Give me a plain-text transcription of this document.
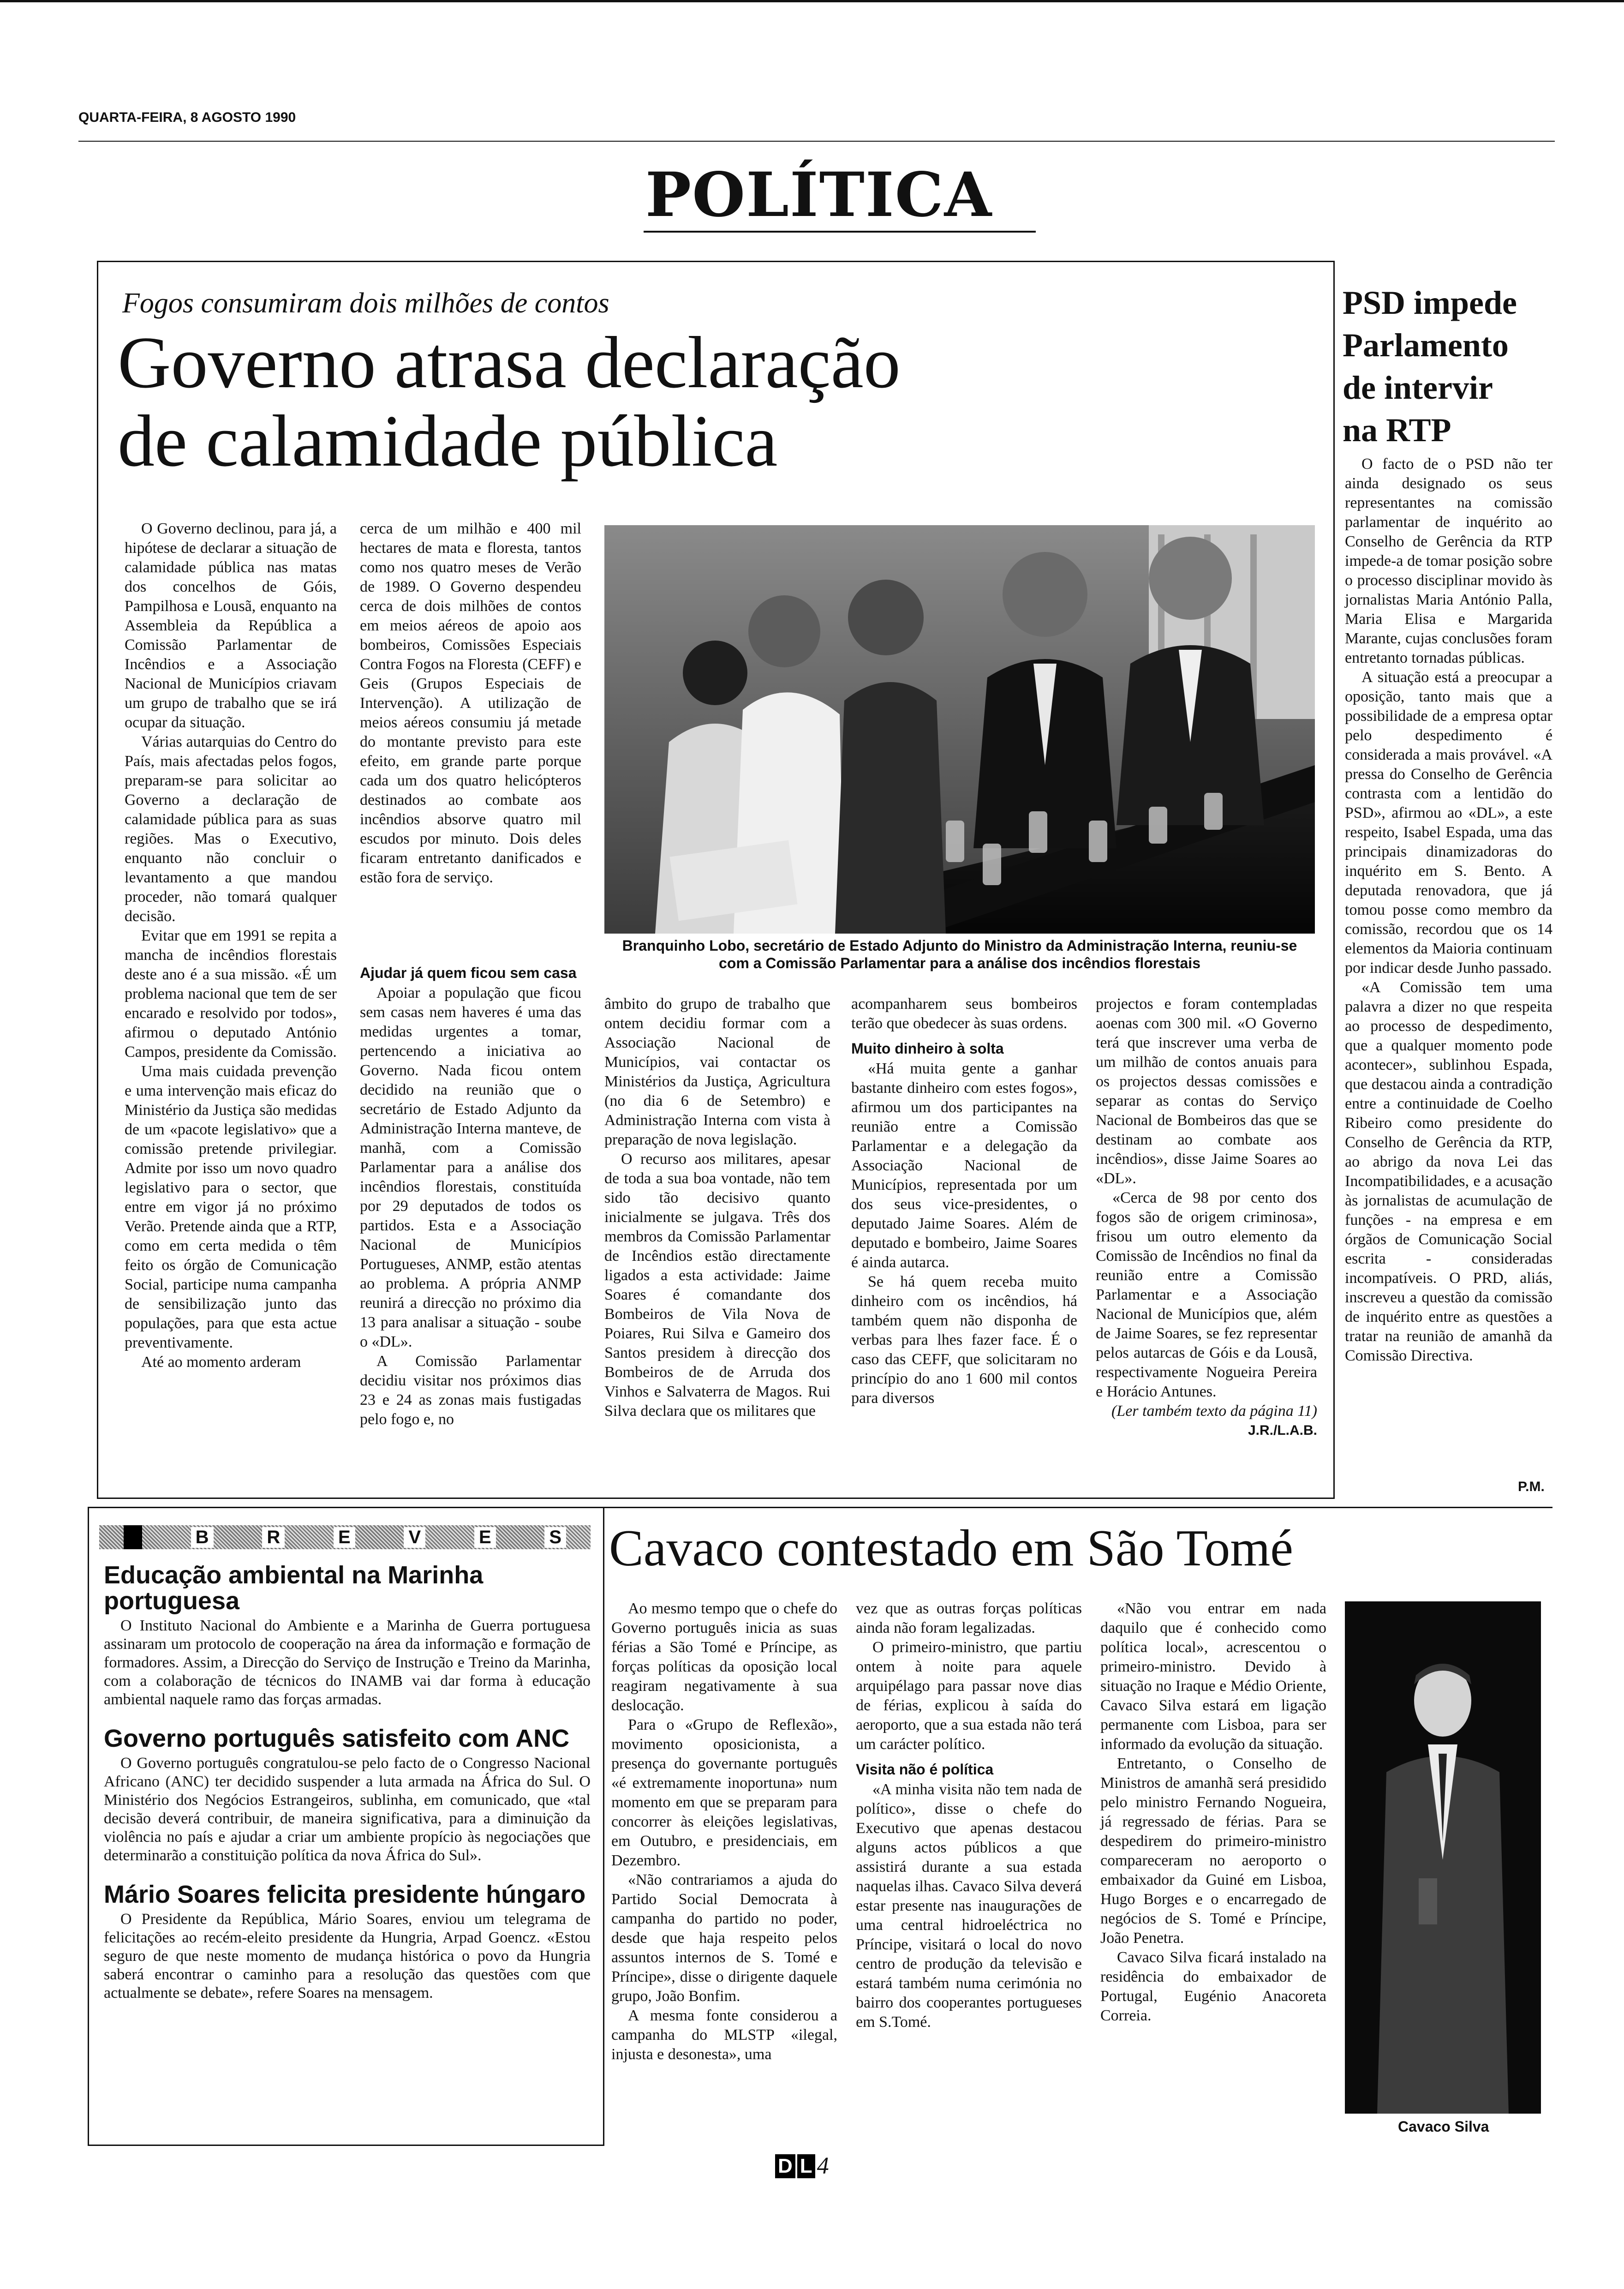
QUARTA-FEIRA, 8 AGOSTO 1990
POLÍTICA
Fogos consumiram dois milhões de contos
Governo atrasa declaração
de calamidade pública

O Governo declinou, para já, a hipótese de declarar a situação de calamidade pública nas matas dos concelhos de Góis, Pampilhosa e Lousã, enquanto na Assembleia da República a Comissão Parlamentar de Incêndios e a Associação Nacional de Municípios criavam um grupo de trabalho que se irá ocupar da situação.

Várias autarquias do Centro do País, mais afectadas pelos fogos, preparam-se para solicitar ao Governo a declaração de calamidade pública para as suas regiões. Mas o Executivo, enquanto não concluir o levantamento a que mandou proceder, não tomará qualquer decisão.

Evitar que em 1991 se repita a mancha de incêndios florestais deste ano é a sua missão. «É um problema nacional que tem de ser encarado e resolvido por todos», afirmou o deputado António Campos, presidente da Comissão.

Uma mais cuidada prevenção e uma intervenção mais eficaz do Ministério da Justiça são medidas de um «pacote legislativo» que a comissão pretende privilegiar. Admite por isso um novo quadro legislativo para o sector, que entre em vigor já no próximo Verão. Pretende ainda que a RTP, como em certa medida o têm feito os órgão de Comunicação Social, participe numa campanha de sensibilização junto das populações, para que esta actue preventivamente.

Até ao momento arderam

cerca de um milhão e 400 mil hectares de mata e floresta, tantos como nos quatro meses de Verão de 1989. O Governo despendeu cerca de dois milhões de contos em meios aéreos de apoio aos bombeiros, Comissões Especiais Contra Fogos na Floresta (CEFF) e Geis (Grupos Especiais de Intervenção). A utilização de meios aéreos consumiu já metade do montante previsto para este efeito, em grande parte porque cada um dos quatro helicópteros destinados ao combate aos incêndios absorve quatro mil escudos por minuto. Dois deles ficaram entretanto danificados e estão fora de serviço.

Branquinho Lobo, secretário de Estado Adjunto do Ministro da Administração Interna, reuniu-se com a Comissão Parlamentar para a análise dos incêndios florestais
Ajudar já quem ficou sem casa

Apoiar a população que ficou sem casas nem haveres é uma das medidas urgentes a tomar, pertencendo a iniciativa ao Governo. Nada ficou ontem decidido na reunião que o secretário de Estado Adjunto da Administração Interna manteve, de manhã, com a Comissão Parlamentar para a análise dos incêndios florestais, constituída por 29 deputados de todos os partidos. Esta e a Associação Nacional de Municípios Portugueses, ANMP, estão atentas ao problema. A própria ANMP reunirá a direcção no próximo dia 13 para analisar a situação - soube o «DL».

A Comissão Parlamentar decidiu visitar nos próximos dias 23 e 24 as zonas mais fustigadas pelo fogo e, no

âmbito do grupo de trabalho que ontem decidiu formar com a Associação Nacional de Municípios, vai contactar os Ministérios da Justiça, Agricultura (no dia 6 de Setembro) e Administração Interna com vista à preparação de nova legislação.

O recurso aos militares, apesar de toda a sua boa vontade, não tem sido tão decisivo quanto inicialmente se julgava. Três dos membros da Comissão Parlamentar de Incêndios estão directamente ligados a esta actividade: Jaime Soares é comandante dos Bombeiros de Vila Nova de Poiares, Rui Silva e Gameiro dos Santos presidem à direcção dos Bombeiros de de Arruda dos Vinhos e Salvaterra de Magos. Rui Silva declara que os militares que

acompanharem seus bombeiros terão que obedecer às suas ordens.

Muito dinheiro à solta

«Há muita gente a ganhar bastante dinheiro com estes fogos», afirmou um dos participantes na reunião entre a Comissão Parlamentar e a delegação da Associação Nacional de Municípios, representada por um dos seus vice-presidentes, o deputado Jaime Soares. Além de deputado e bombeiro, Jaime Soares é ainda autarca.

Se há quem receba muito dinheiro com os incêndios, há também quem não disponha de verbas para lhes fazer face. É o caso das CEFF, que solicitaram no princípio do ano 1 600 mil contos para diversos

projectos e foram contempladas aoenas com 300 mil. «O Governo terá que inscrever uma verba de um milhão de contos anuais para os projectos dessas comissões e separar as contas do Serviço Nacional de Bombeiros das que se destinam ao combate aos incêndios», disse Jaime Soares ao «DL».

«Cerca de 98 por cento dos fogos são de origem criminosa», frisou um outro elemento da Comissão de Incêndios no final da reunião entre a Comissão Parlamentar e a Associação Nacional de Municípios que, além de Jaime Soares, se fez representar pelos autarcas de Góis e da Lousã, respectivamente Nogueira Pereira e Horácio Antunes.

(Ler também texto da página 11)
J.R./L.A.B.
PSD impede
Parlamento
de intervir
na RTP

O facto de o PSD não ter ainda designado os seus representantes na comissão parlamentar de inquérito ao Conselho de Gerência da RTP impede-a de tomar posição sobre o processo disciplinar movido às jornalistas Maria António Palla, Maria Elisa e Margarida Marante, cujas conclusões foram entretanto tornadas públicas.

A situação está a preocupar a oposição, tanto mais que a possibilidade de a empresa optar pelo despedimento é considerada a mais provável. «A pressa do Conselho de Gerência contrasta com a lentidão do PSD», afirmou ao «DL», a este respeito, Isabel Espada, uma das principais dinamizadoras do inquérito em S. Bento. A deputada renovadora, que já tomou posse como membro da comissão, recordou que os 14 elementos da Maioria continuam por indicar desde Junho passado.

«A Comissão tem uma palavra a dizer no que respeita ao processo de despedimento, que a qualquer momento pode acontecer», sublinhou Espada, que destacou ainda a contradição entre a continuidade de Coelho Ribeiro como presidente do Conselho de Gerência da RTP, ao abrigo da nova Lei das Incompatibilidades, e a acusação às jornalistas de acumulação de funções - na empresa e em órgãos de Comunicação Social escrita - consideradas incompatíveis. O PRD, aliás, inscreveu a questão da comissão de inquérito entre as questões a tratar na reunião de amanhã da Comissão Directiva.

P.M.
B	R	E	V	E	S
Educação ambiental na Marinha portuguesa

O Instituto Nacional do Ambiente e a Marinha de Guerra portuguesa assinaram um protocolo de cooperação na área da informação e formação de formadores. Assim, a Direcção do Serviço de Instrução e Treino da Marinha, com a colaboração de técnicos do INAMB vai dar forma à educação ambiental naquele ramo das forças armadas.

Governo português satisfeito com ANC

O Governo português congratulou-se pelo facto de o Congresso Nacional Africano (ANC) ter decidido suspender a luta armada na África do Sul. O Ministério dos Negócios Estrangeiros, sublinha, em comunicado, que «tal decisão deverá contribuir, de maneira significativa, para a diminuição da violência no país e ajudar a criar um ambiente propício às negociações que determinarão a constituição política da nova África do Sul».

Mário Soares felicita presidente húngaro

O Presidente da República, Mário Soares, enviou um telegrama de felicitações ao recém-eleito presidente da Hungria, Arpad Goencz. «Estou seguro de que neste momento de mudança histórica o povo da Hungria saberá encontrar o caminho para a resolução das questões com que actualmente se debate», refere Soares na mensagem.

Cavaco contestado em São Tomé

Ao mesmo tempo que o chefe do Governo português inicia as suas férias a São Tomé e Príncipe, as forças políticas da oposição local reagiram negativamente à sua deslocação.

Para o «Grupo de Reflexão», movimento oposicionista, a presença do governante português «é extremamente inoportuna» num momento em que se preparam para concorrer às eleições legislativas, em Outubro, e presidenciais, em Dezembro.

«Não contrariamos a ajuda do Partido Social Democrata à campanha do partido no poder, desde que haja respeito pelos assuntos internos de S. Tomé e Príncipe», disse o dirigente daquele grupo, João Bonfim.

A mesma fonte considerou a campanha do MLSTP «ilegal, injusta e desonesta», uma

vez que as outras forças políticas ainda não foram legalizadas.

O primeiro-ministro, que partiu ontem à noite para aquele arquipélago para passar nove dias de férias, explicou à saída do aeroporto, que a sua estada não terá um carácter político.

Visita não é política

«A minha visita não tem nada de político», disse o chefe do Executivo que apenas destacou alguns actos públicos a que assistirá durante a sua estada naquelas ilhas. Cavaco Silva deverá estar presente nas inaugurações de uma central hidroeléctrica no Príncipe, visitará o local do novo centro de produção da televisão e estará também numa cerimónia no bairro dos cooperantes portugueses em S.Tomé.

«Não vou entrar em nada daquilo que é conhecido como política local», acrescentou o primeiro-ministro. Devido à situação no Iraque e Médio Oriente, Cavaco Silva estará em ligação permanente com Lisboa, para ser informado da evolução da situação.

Entretanto, o Conselho de Ministros de amanhã será presidido pelo ministro Fernando Nogueira, já regressado de férias. Para se despedirem do primeiro-ministro compareceram no aeroporto o embaixador da Guiné em Lisboa, Hugo Borges e o encarregado de negócios de S. Tomé e Príncipe, João Penetra.

Cavaco Silva ficará instalado na residência do embaixador de Portugal, Eugénio Anacoreta Correia.

Cavaco Silva
D L 4
